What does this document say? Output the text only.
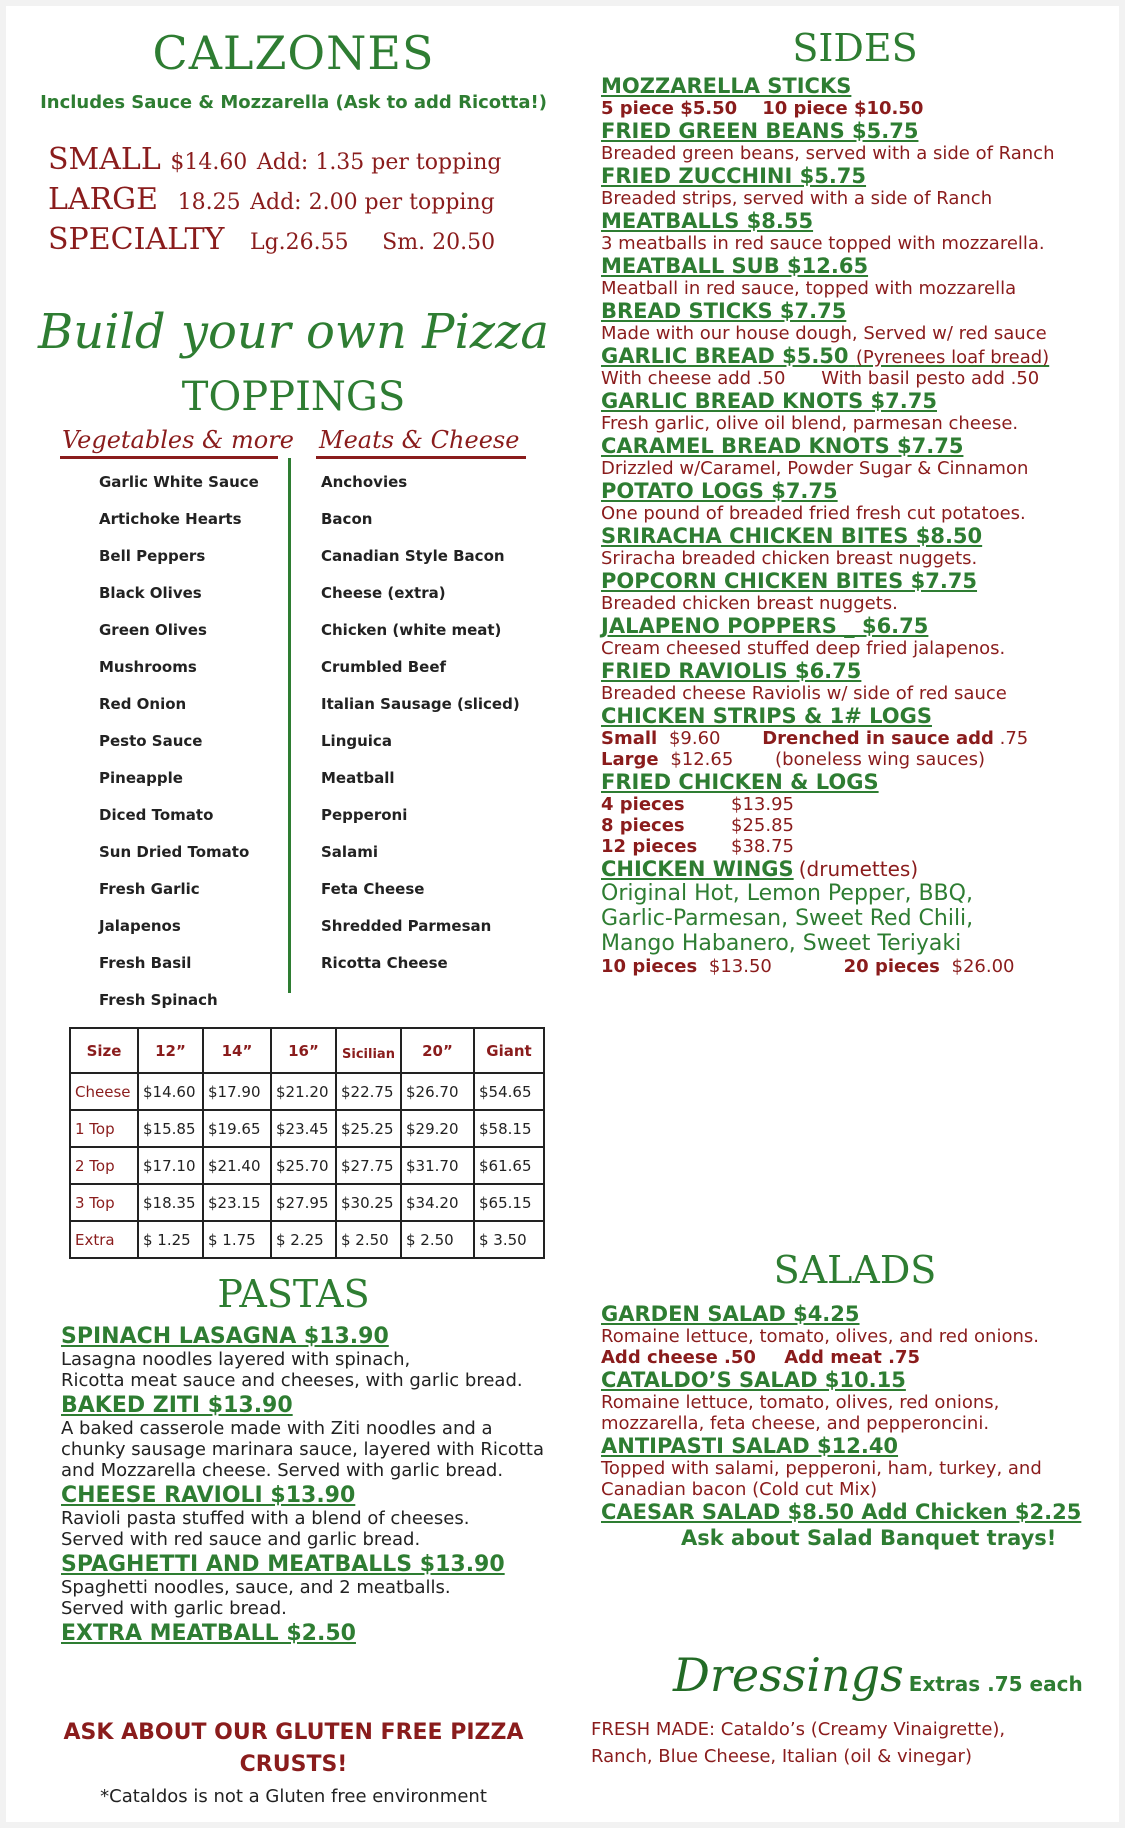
CALZONES
Includes Sauce & Mozzarella (Ask to add Ricotta!)
SMALL $14.60 Add: 1.35 per topping
LARGE 18.25 Add: 2.00 per topping
SPECIALTY Lg.26.55 Sm. 20.50
Build your own Pizza
TOPPINGS
Vegetables & more Meats & Cheese
Garlic White Sauce
Artichoke Hearts
Bell Peppers
Black Olives
Green Olives
Mushrooms
Red Onion
Pesto Sauce
Pineapple
Diced Tomato
Sun Dried Tomato
Fresh Garlic
Jalapenos
Fresh Basil
Fresh Spinach
Anchovies
Bacon
Canadian Style Bacon
Cheese (extra)
Chicken (white meat)
Crumbled Beef
Italian Sausage (sliced)
Linguica
Meatball
Pepperoni
Salami
Feta Cheese
Shredded Parmesan
Ricotta Cheese
Size	12”	14”	16”	Sicilian	20”	Giant
Cheese	$14.60	$17.90	$21.20	$22.75	$26.70	$54.65
1 Top	$15.85	$19.65	$23.45	$25.25	$29.20	$58.15
2 Top	$17.10	$21.40	$25.70	$27.75	$31.70	$61.65
3 Top	$18.35	$23.15	$27.95	$30.25	$34.20	$65.15
Extra	$ 1.25	$ 1.75	$ 2.25	$ 2.50	$ 2.50	$ 3.50
PASTAS
SPINACH LASAGNA $13.90
Lasagna noodles layered with spinach,
Ricotta meat sauce and cheeses, with garlic bread.
BAKED ZITI $13.90
A baked casserole made with Ziti noodles and a
chunky sausage marinara sauce, layered with Ricotta
and Mozzarella cheese. Served with garlic bread.
CHEESE RAVIOLI $13.90
Ravioli pasta stuffed with a blend of cheeses.
Served with red sauce and garlic bread.
SPAGHETTI AND MEATBALLS $13.90
Spaghetti noodles, sauce, and 2 meatballs.
Served with garlic bread.
EXTRA MEATBALL $2.50
ASK ABOUT OUR GLUTEN FREE PIZZA
CRUSTS!
*Cataldos is not a Gluten free environment
SIDES
MOZZARELLA STICKS
5 piece $5.50 10 piece $10.50
FRIED GREEN BEANS $5.75
Breaded green beans, served with a side of Ranch
FRIED ZUCCHINI $5.75
Breaded strips, served with a side of Ranch
MEATBALLS $8.55
3 meatballs in red sauce topped with mozzarella.
MEATBALL SUB $12.65
Meatball in red sauce, topped with mozzarella
BREAD STICKS $7.75
Made with our house dough, Served w/ red sauce
GARLIC BREAD $5.50 (Pyrenees loaf bread)
With cheese add .50 With basil pesto add .50
GARLIC BREAD KNOTS $7.75
Fresh garlic, olive oil blend, parmesan cheese.
CARAMEL BREAD KNOTS $7.75
Drizzled w/Caramel, Powder Sugar & Cinnamon
POTATO LOGS $7.75
One pound of breaded fried fresh cut potatoes.
SRIRACHA CHICKEN BITES $8.50
Sriracha breaded chicken breast nuggets.
POPCORN CHICKEN BITES $7.75
Breaded chicken breast nuggets.
JALAPENO POPPERS _ $6.75
Cream cheesed stuffed deep fried jalapenos.
FRIED RAVIOLIS $6.75
Breaded cheese Raviolis w/ side of red sauce
CHICKEN STRIPS & 1# LOGS
Small $9.60 Drenched in sauce add .75
Large $12.65 (boneless wing sauces)
FRIED CHICKEN & LOGS
4 pieces	$13.95
8 pieces	$25.85
12 pieces $38.75
CHICKEN WINGS (drumettes)
Original Hot, Lemon Pepper, BBQ,
Garlic-Parmesan, Sweet Red Chili,
Mango Habanero, Sweet Teriyaki
10 pieces $13.50	20 pieces $26.00
SALADS
GARDEN SALAD $4.25
Romaine lettuce, tomato, olives, and red onions.
Add cheese .50 Add meat .75
CATALDO’S SALAD $10.15
Romaine lettuce, tomato, olives, red onions,
mozzarella, feta cheese, and pepperoncini.
ANTIPASTI SALAD $12.40
Topped with salami, pepperoni, ham, turkey, and
Canadian bacon (Cold cut Mix)
CAESAR SALAD $8.50 Add Chicken $2.25
Ask about Salad Banquet trays!
Dressings Extras .75 each
FRESH MADE: Cataldo’s (Creamy Vinaigrette),
Ranch, Blue Cheese, Italian (oil & vinegar)
